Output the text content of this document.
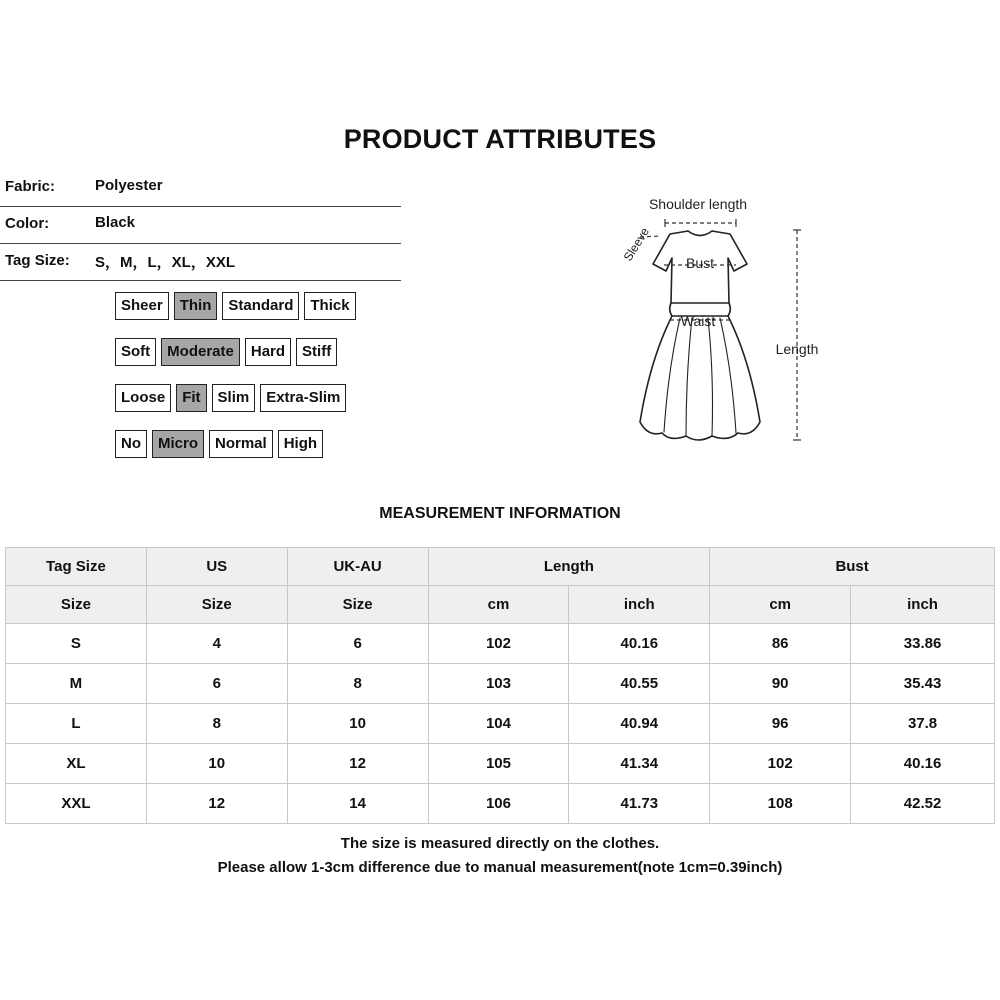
PRODUCT ATTRIBUTES
Fabric:	Polyester
Color:	Black
Tag Size: S，M，L，XL，XXL
Sheer	Thin	Standard	Thick
Soft	Moderate	Hard	Stiff
Loose	Fit	Slim	Extra-Slim
No	Micro	Normal	High
Shoulder length
Sleeve Bust
Waist
Length
MEASUREMENT INFORMATION
Tag Size	US	UK-AU	Length		Bust	
Size	Size	Size	cm	inch	cm	inch
S	4	6	102	40.16	86	33.86
M	6	8	103	40.55	90	35.43
L	8	10	104	40.94	96	37.8
XL	10	12	105	41.34	102	40.16
XXL	12	14	106	41.73	108	42.52
The size is measured directly on the clothes.
Please allow 1-3cm difference due to manual measurement(note 1cm=0.39inch)
